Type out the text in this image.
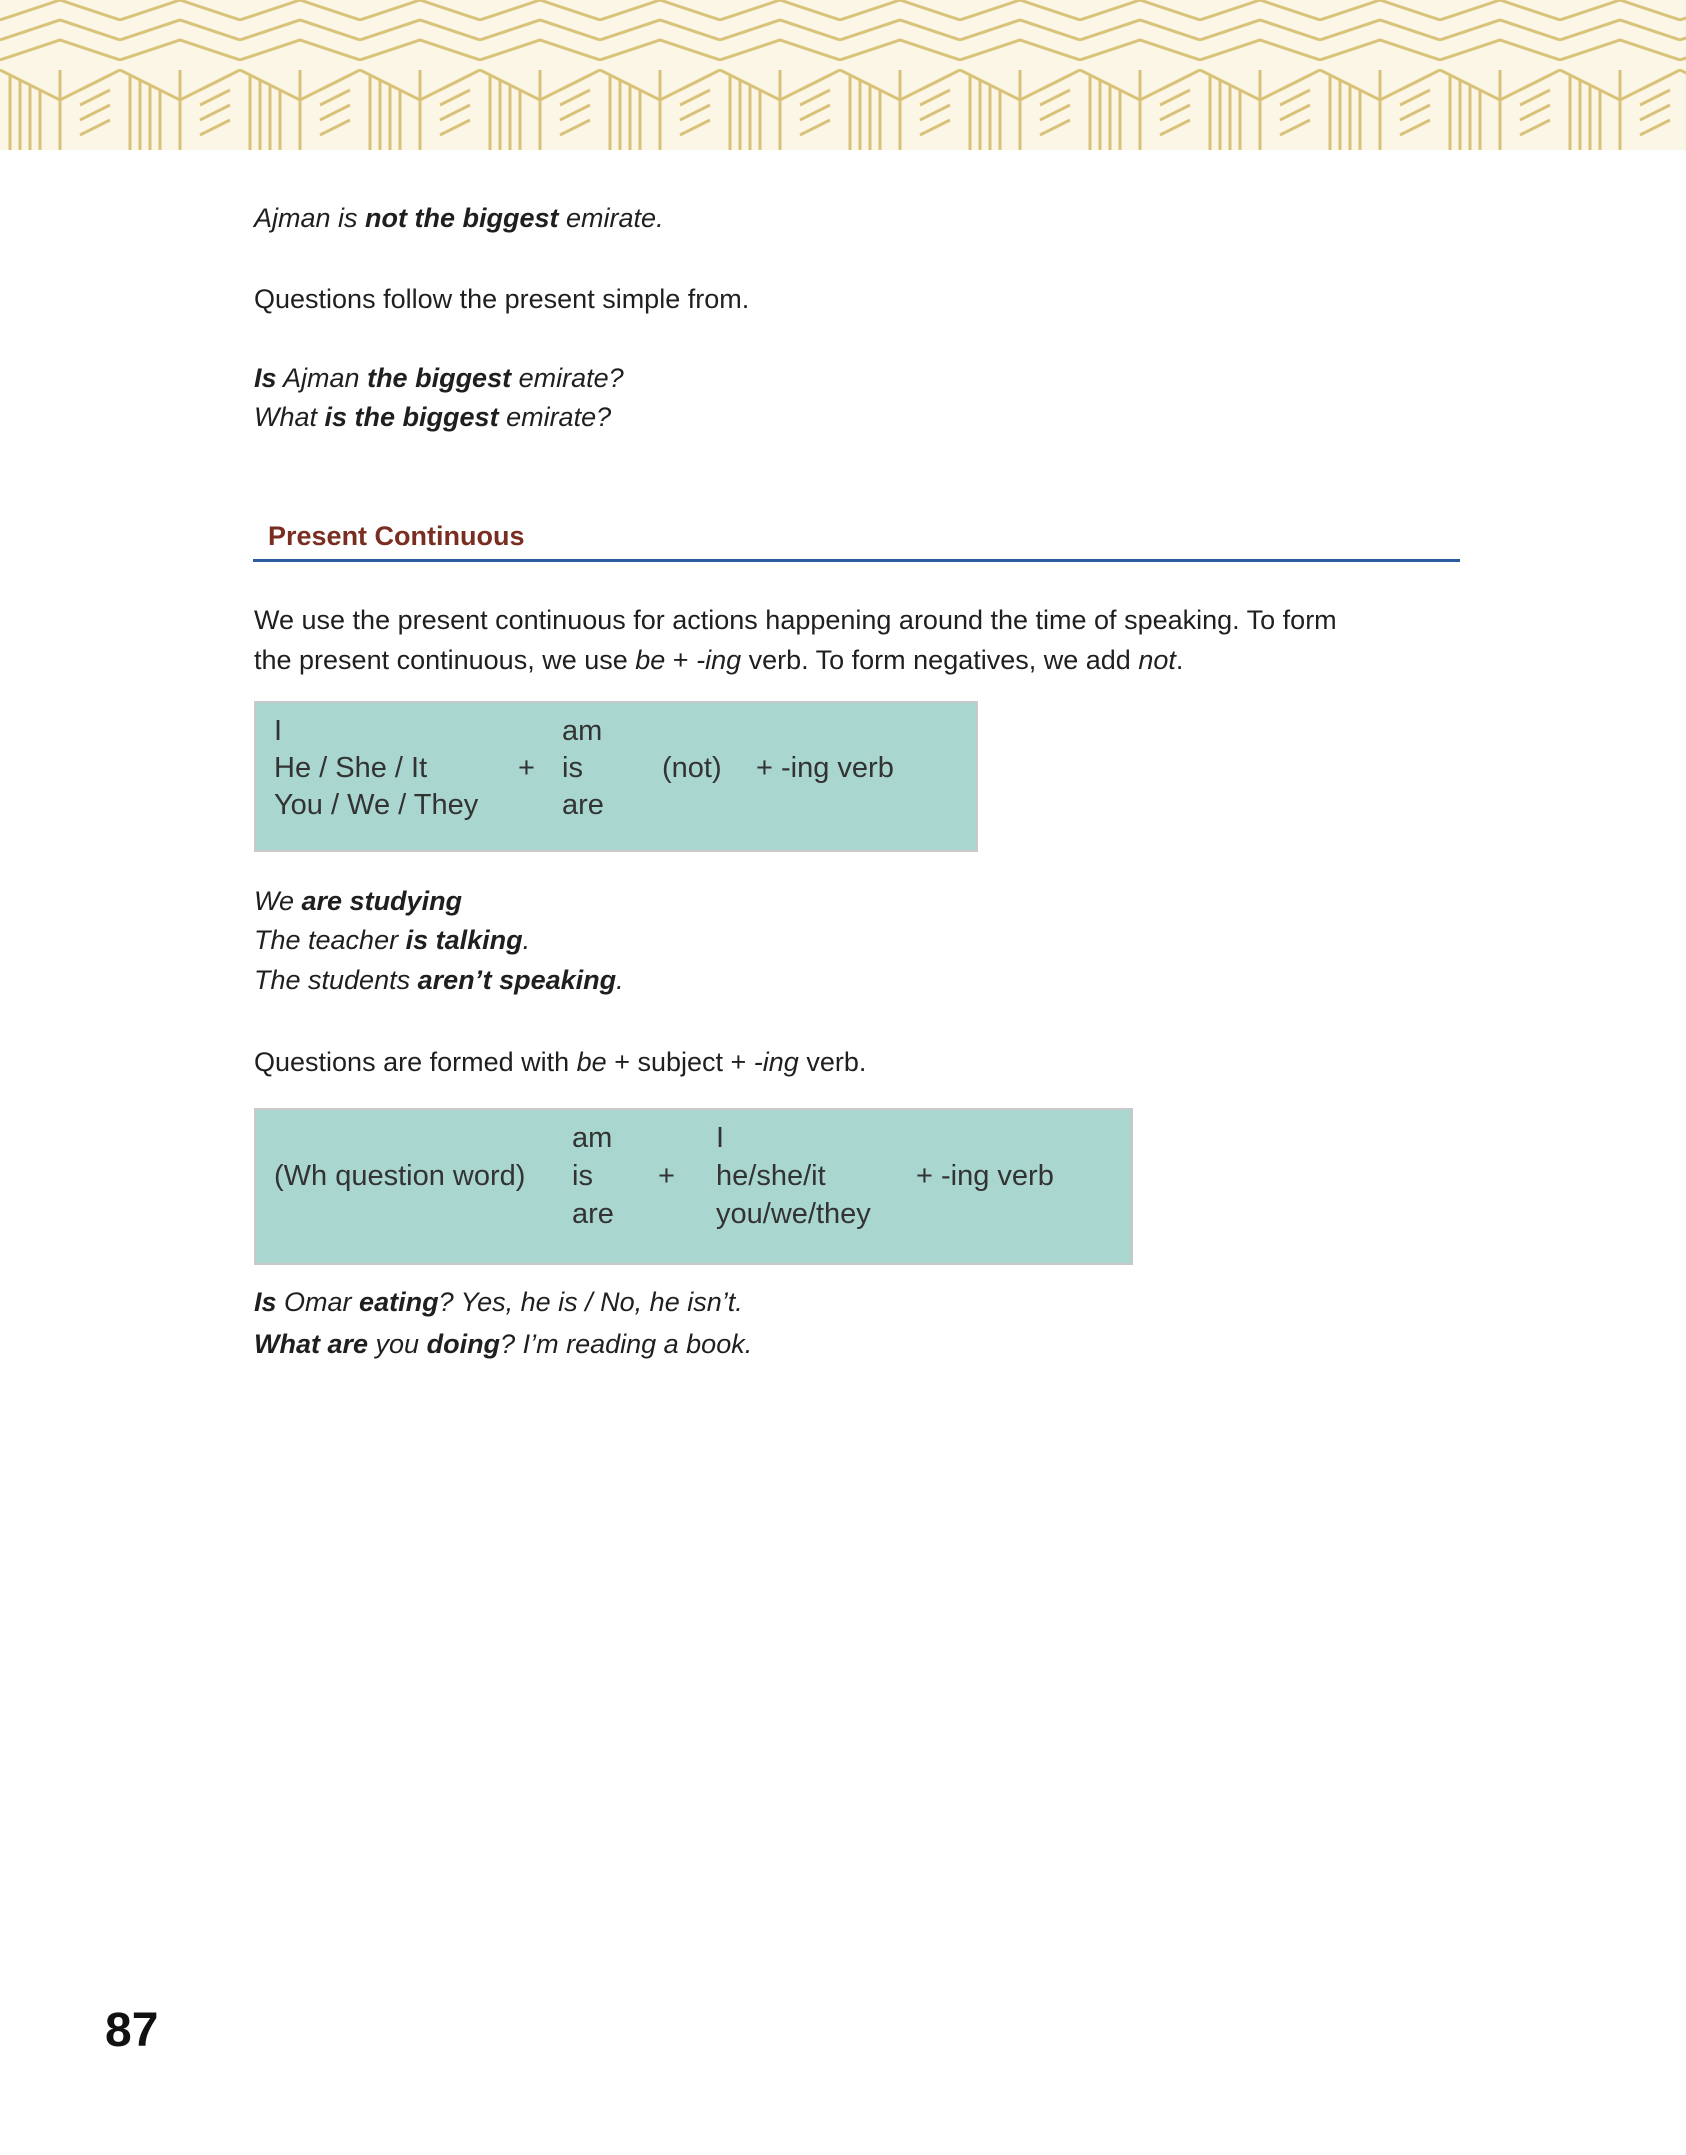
Ajman is not the biggest emirate.

Questions follow the present simple from.

Is Ajman the biggest emirate?

What is the biggest emirate?

Present Continuous

We use the present continuous for actions happening around the time of speaking. To form

the present continuous, we use be + -ing verb. To form negatives, we add not.

I
He / She / It
You / We / They
+
am
is
are
(not) + -ing verb

We are studying

The teacher is talking.

The students aren’t speaking.

Questions are formed with be + subject + -ing verb.

(Wh question word)
am
is
are
+
I
he/she/it
you/we/they
+ -ing verb

Is Omar eating? Yes, he is / No, he isn’t.

What are you doing? I’m reading a book.

87
